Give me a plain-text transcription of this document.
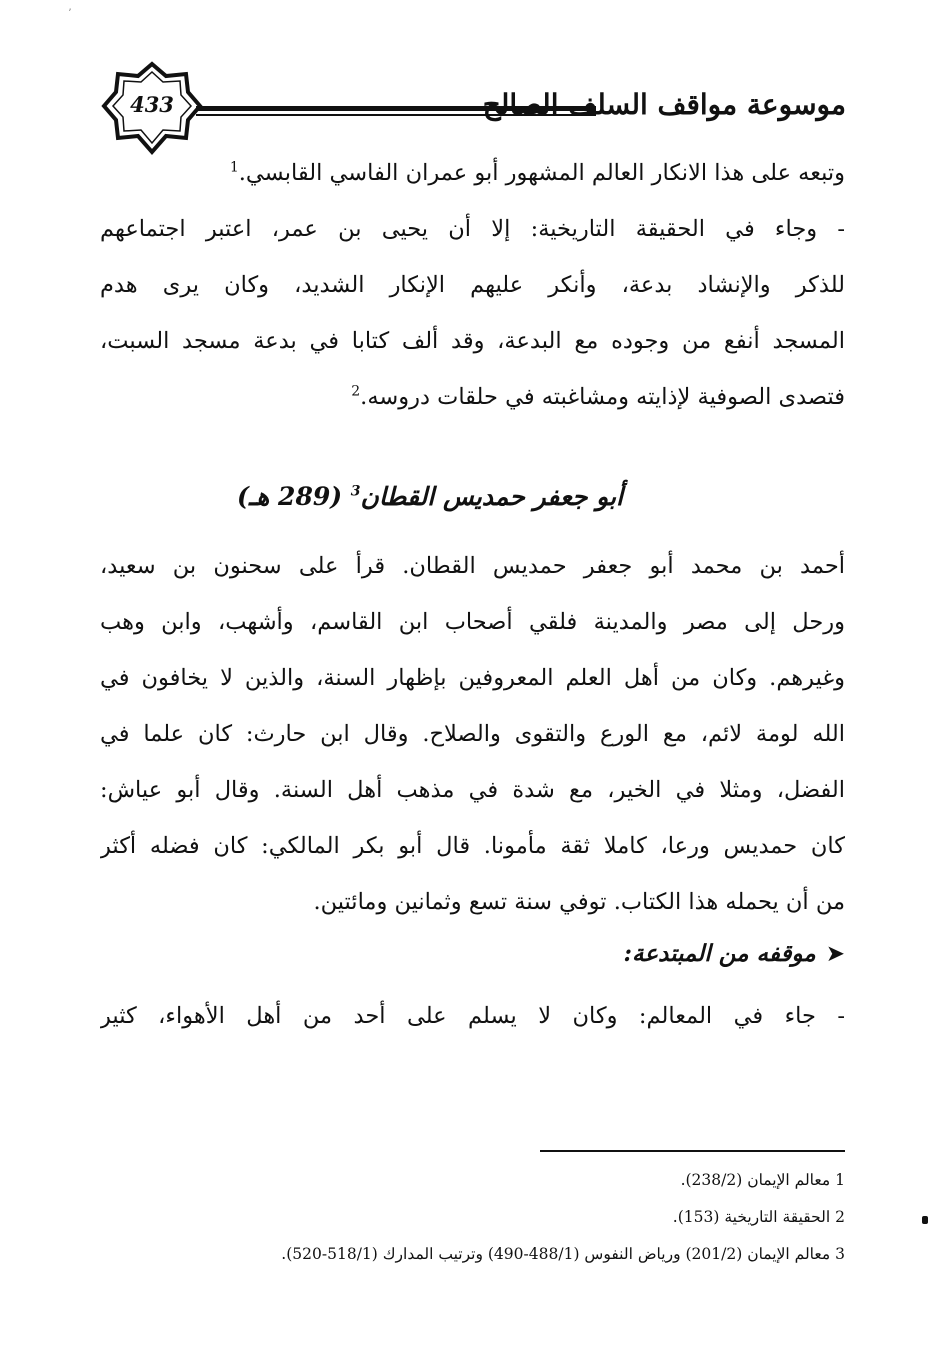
ʼ
433	موسوعة مواقف السلف الصالح
وتبعه على هذا الانكار العالم المشهور أبو عمران الفاسي القابسي.$^1$
- وجاء في الحقيقة التاريخية: إلا أن يحيى بن عمر، اعتبر اجتماعهم
للذكر والإنشاد بدعة، وأنكر عليهم الإنكار الشديد، وكان يرى هدم
المسجد أنفع من وجوده مع البدعة، وقد ألف كتابا في بدعة مسجد السبت،
فتصدى الصوفية لإذايته ومشاغبته في حلقات دروسه.$^2$
أبو جعفر حمديس القطان$^3$ (289 هـ)
أحمد بن محمد أبو جعفر حمديس القطان. قرأ على سحنون بن سعيد،
ورحل إلى مصر والمدينة فلقي أصحاب ابن القاسم، وأشهب، وابن وهب
وغيرهم. وكان من أهل العلم المعروفين بإظهار السنة، والذين لا يخافون في
الله لومة لائم، مع الورع والتقوى والصلاح. وقال ابن حارث: كان علما في
الفضل، ومثلا في الخير، مع شدة في مذهب أهل السنة. وقال أبو عياش:
كان حمديس ورعا، كاملا ثقة مأمونا. قال أبو بكر المالكي: كان فضله أكثر
من أن يحمله هذا الكتاب. توفي سنة تسع وثمانين ومائتين.
➤موقفه من المبتدعة:
- جاء في المعالم: وكان لا يسلم على أحد من أهل الأهواء، كثير
1 معالم الإيمان (238/2).
2 الحقيقة التاريخية (153).
3 معالم الإيمان (201/2) ورياض النفوس (488/1-490) وترتيب المدارك (518/1-520).
